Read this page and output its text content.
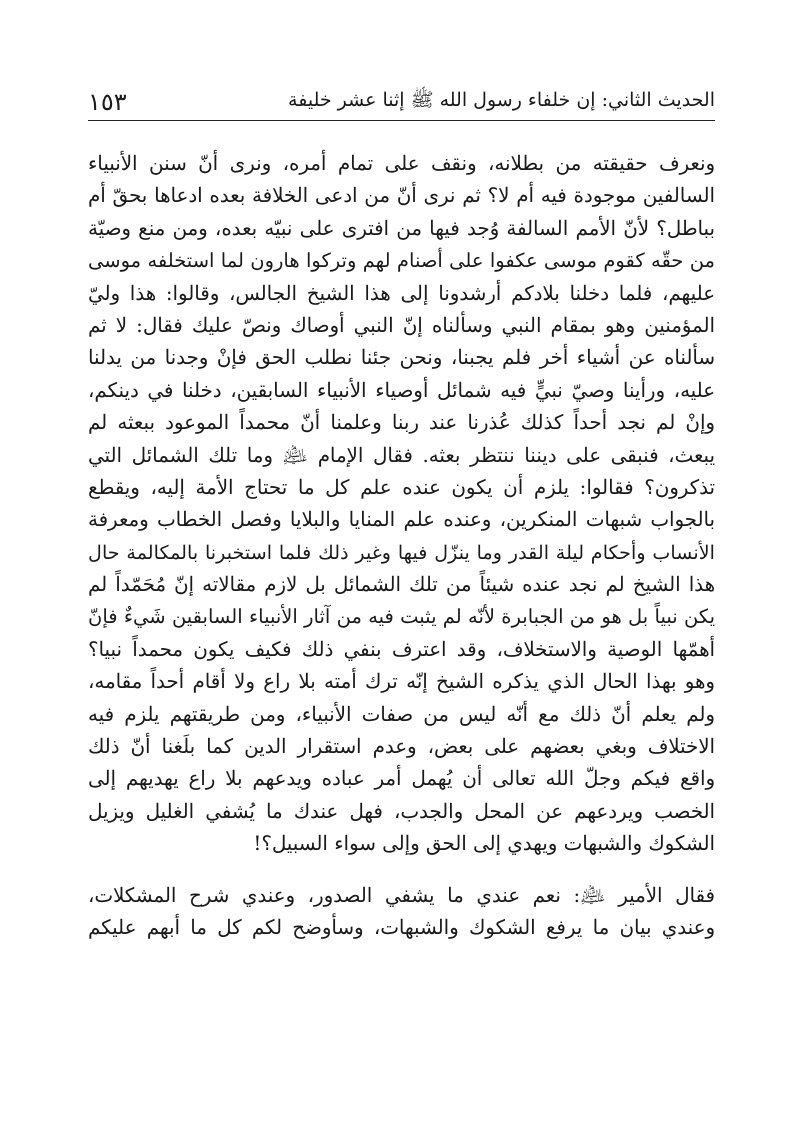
الحديث الثاني: إن خلفاء رسول الله ﷺ إثنا عشر خليفة
١٥٣
ونعرف حقيقته من بطلانه، ونقف على تمام أمره، ونرى أنّ سنن الأنبياء
السالفين موجودة فيه أم لا؟ ثم نرى أنّ من ادعى الخلافة بعده ادعاها بحقّ أم
بباطل؟ لأنّ الأمم السالفة وُجد فيها من افترى على نبيّه بعده، ومن منع وصيّة
من حقّه كقوم موسى عكفوا على أصنام لهم وتركوا هارون لما استخلفه موسى
عليهم، فلما دخلنا بلادكم أرشدونا إلى هذا الشيخ الجالس، وقالوا: هذا وليّ
المؤمنين وهو بمقام النبي وسألناه إنّ النبي أوصاك ونصّ عليك فقال: لا ثم
سألناه عن أشياء أخر فلم يجبنا، ونحن جئنا نطلب الحق فإنْ وجدنا من يدلنا
عليه، ورأينا وصيّ نبيٍّ فيه شمائل أوصياء الأنبياء السابقين، دخلنا في دينكم،
وإنْ لم نجد أحداً كذلك عُذرنا عند ربنا وعلمنا أنّ محمداً الموعود ببعثه لم
يبعث، فنبقى على ديننا ننتظر بعثه. فقال الإمام ﵇ وما تلك الشمائل التي
تذكرون؟ فقالوا: يلزم أن يكون عنده علم كل ما تحتاج الأمة إليه، ويقطع
بالجواب شبهات المنكرين، وعنده علم المنايا والبلايا وفصل الخطاب ومعرفة
الأنساب وأحكام ليلة القدر وما ينزّل فيها وغير ذلك فلما استخبرنا بالمكالمة حال
هذا الشيخ لم نجد عنده شيئاً من تلك الشمائل بل لازم مقالاته إنّ مُحَمّداً لم
يكن نبياً بل هو من الجبابرة لأنّه لم يثبت فيه من آثار الأنبياء السابقين شَيءٌ فإنّ
أهمّها الوصية والاستخلاف، وقد اعترف بنفي ذلك فكيف يكون محمداً نبيا؟
وهو بهذا الحال الذي يذكره الشيخ إنّه ترك أمته بلا راع ولا أقام أحداً مقامه،
ولم يعلم أنّ ذلك مع أنّه ليس من صفات الأنبياء، ومن طريقتهم يلزم فيه
الاختلاف وبغي بعضهم على بعض، وعدم استقرار الدين كما بلَغنا أنّ ذلك
واقع فيكم وجلّ الله تعالى أن يُهمل أمر عباده ويدعهم بلا راع يهديهم إلى
الخصب ويردعهم عن المحل والجدب، فهل عندك ما يُشفي الغليل ويزيل
الشكوك والشبهات ويهدي إلى الحق وإلى سواء السبيل؟!
فقال الأمير ﵇: نعم عندي ما يشفي الصدور، وعندي شرح المشكلات،
وعندي بيان ما يرفع الشكوك والشبهات، وسأوضح لكم كل ما أبهم عليكم
